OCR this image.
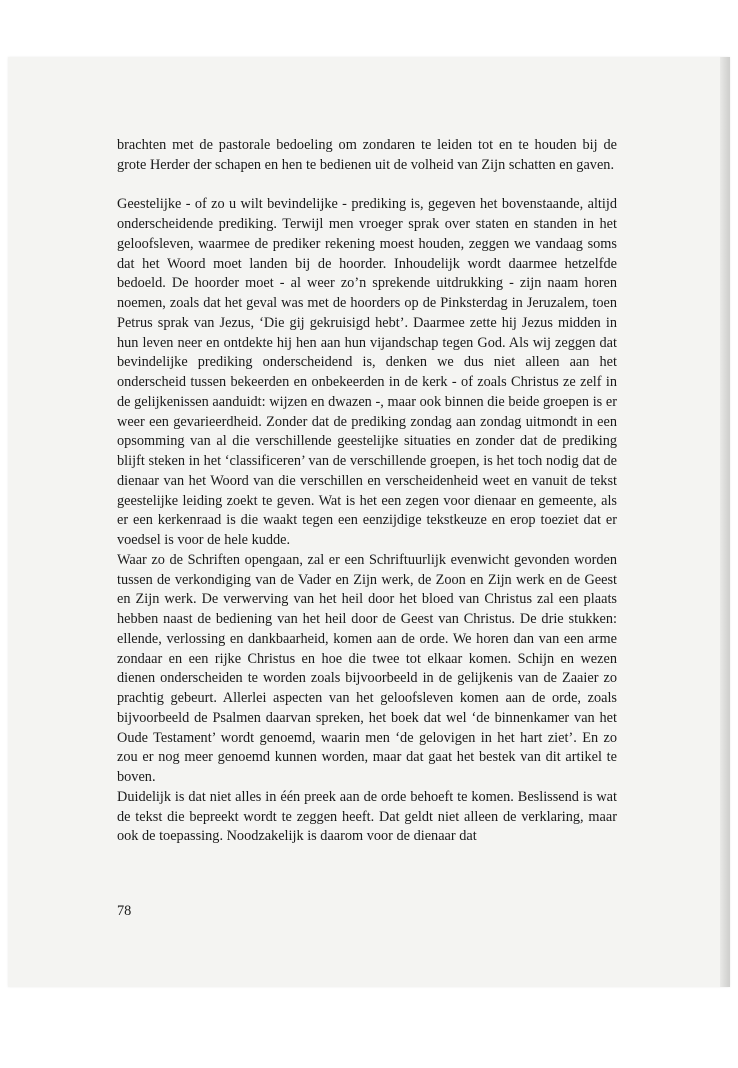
brachten met de pastorale bedoeling om zondaren te leiden tot en te houden bij de grote Herder der schapen en hen te bedienen uit de volheid van Zijn schatten en gaven.

Geestelijke - of zo u wilt bevindelijke - prediking is, gegeven het bovenstaande, altijd onderscheidende prediking. Terwijl men vroeger sprak over staten en standen in het geloofsleven, waarmee de prediker rekening moest houden, zeggen we vandaag soms dat het Woord moet landen bij de hoorder. Inhoudelijk wordt daarmee hetzelfde bedoeld. De hoorder moet - al weer zo’n sprekende uitdrukking - zijn naam horen noemen, zoals dat het geval was met de hoorders op de Pinksterdag in Jeruzalem, toen Petrus sprak van Jezus, ‘Die gij gekruisigd hebt’. Daarmee zette hij Jezus midden in hun leven neer en ontdekte hij hen aan hun vijandschap tegen God. Als wij zeggen dat bevindelijke prediking onderscheidend is, denken we dus niet alleen aan het onderscheid tussen bekeerden en onbekeerden in de kerk - of zoals Christus ze zelf in de gelijkenissen aanduidt: wijzen en dwazen -, maar ook binnen die beide groepen is er weer een gevarieerdheid. Zonder dat de prediking zondag aan zondag uitmondt in een opsomming van al die verschillende geestelijke situaties en zonder dat de prediking blijft steken in het ‘classificeren’ van de verschillende groepen, is het toch nodig dat de dienaar van het Woord van die verschillen en verscheidenheid weet en vanuit de tekst geestelijke leiding zoekt te geven. Wat is het een zegen voor dienaar en gemeente, als er een kerkenraad is die waakt tegen een eenzijdige tekstkeuze en erop toeziet dat er voedsel is voor de hele kudde.

Waar zo de Schriften opengaan, zal er een Schriftuurlijk evenwicht gevonden worden tussen de verkondiging van de Vader en Zijn werk, de Zoon en Zijn werk en de Geest en Zijn werk. De verwerving van het heil door het bloed van Christus zal een plaats hebben naast de bediening van het heil door de Geest van Christus. De drie stukken: ellende, verlossing en dankbaarheid, komen aan de orde. We horen dan van een arme zondaar en een rijke Christus en hoe die twee tot elkaar komen. Schijn en wezen dienen onderscheiden te worden zoals bijvoorbeeld in de gelijkenis van de Zaaier zo prachtig gebeurt. Allerlei aspecten van het geloofsleven komen aan de orde, zoals bijvoorbeeld de Psalmen daarvan spreken, het boek dat wel ‘de binnenkamer van het Oude Testament’ wordt genoemd, waarin men ‘de gelovigen in het hart ziet’. En zo zou er nog meer genoemd kunnen worden, maar dat gaat het bestek van dit artikel te boven.

Duidelijk is dat niet alles in één preek aan de orde behoeft te komen. Beslissend is wat de tekst die bepreekt wordt te zeggen heeft. Dat geldt niet alleen de verklaring, maar ook de toepassing. Noodzakelijk is daarom voor de dienaar dat

78
